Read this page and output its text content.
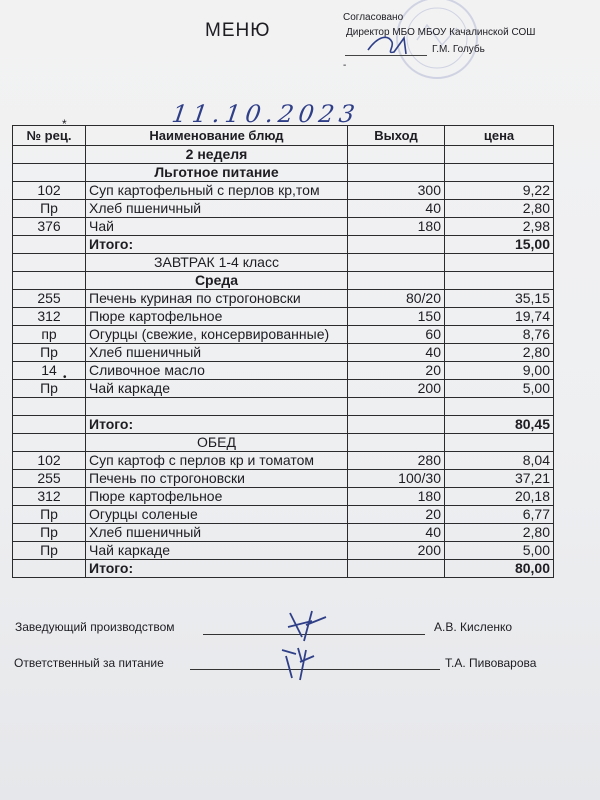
МЕНЮ
Согласовано
Директор МБО МБОУ Качалинской СОШ
Г.М. Голубь
-
11.10.2023
*
№ рец.	Наименование блюд	Выход	цена
	2 неделя		
	Льготное питание		
102	Суп картофельный с перлов кр,том	300	9,22
Пр	Хлеб пшеничный	40	2,80
376	Чай	180	2,98
	Итого:		15,00
	ЗАВТРАК 1-4 класс		
	Среда		
255	Печень куриная по строгоновски	80/20	35,15
312	Пюре картофельное	150	19,74
пр	Огурцы (свежие, консервированные)	60	8,76
Пр	Хлеб пшеничный	40	2,80
14	Сливочное масло	20	9,00
Пр	Чай каркаде	200	5,00

	Итого:		80,45
	ОБЕД		
102	Суп картоф с перлов кр и томатом	280	8,04
255	Печень по строгоновски	100/30	37,21
312	Пюре картофельное	180	20,18
Пр	Огурцы соленые	20	6,77
Пр	Хлеб пшеничный	40	2,80
Пр	Чай каркаде	200	5,00
	Итого:		80,00
•
Заведующий производством	А.В. Кисленко
Ответственный за питание	Т.А. Пивоварова
